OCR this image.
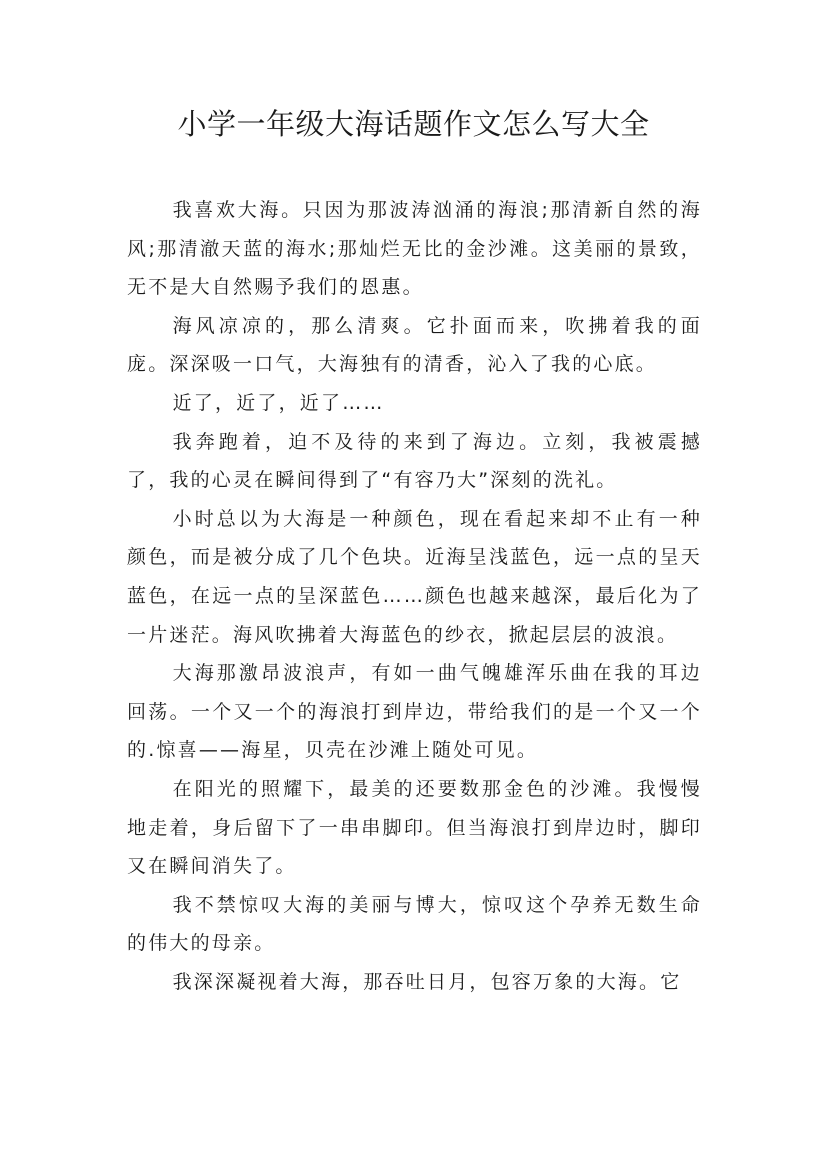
小学一年级大海话题作文怎么写大全

我喜欢大海。只因为那波涛汹涌的海浪;那清新自然的海风;那清澈天蓝的海水;那灿烂无比的金沙滩。这美丽的景致，无不是大自然赐予我们的恩惠。

海风凉凉的，那么清爽。它扑面而来，吹拂着我的面庞。深深吸一口气，大海独有的清香，沁入了我的心底。

近了，近了，近了……

我奔跑着，迫不及待的来到了海边。立刻，我被震撼了，我的心灵在瞬间得到了“有容乃大”深刻的洗礼。

小时总以为大海是一种颜色，现在看起来却不止有一种颜色，而是被分成了几个色块。近海呈浅蓝色，远一点的呈天蓝色，在远一点的呈深蓝色……颜色也越来越深，最后化为了一片迷茫。海风吹拂着大海蓝色的纱衣，掀起层层的波浪。

大海那激昂波浪声，有如一曲气魄雄浑乐曲在我的耳边回荡。一个又一个的海浪打到岸边，带给我们的是一个又一个的.惊喜——海星，贝壳在沙滩上随处可见。

在阳光的照耀下，最美的还要数那金色的沙滩。我慢慢地走着，身后留下了一串串脚印。但当海浪打到岸边时，脚印又在瞬间消失了。

我不禁惊叹大海的美丽与博大，惊叹这个孕养无数生命的伟大的母亲。

我深深凝视着大海，那吞吐日月，包容万象的大海。它
